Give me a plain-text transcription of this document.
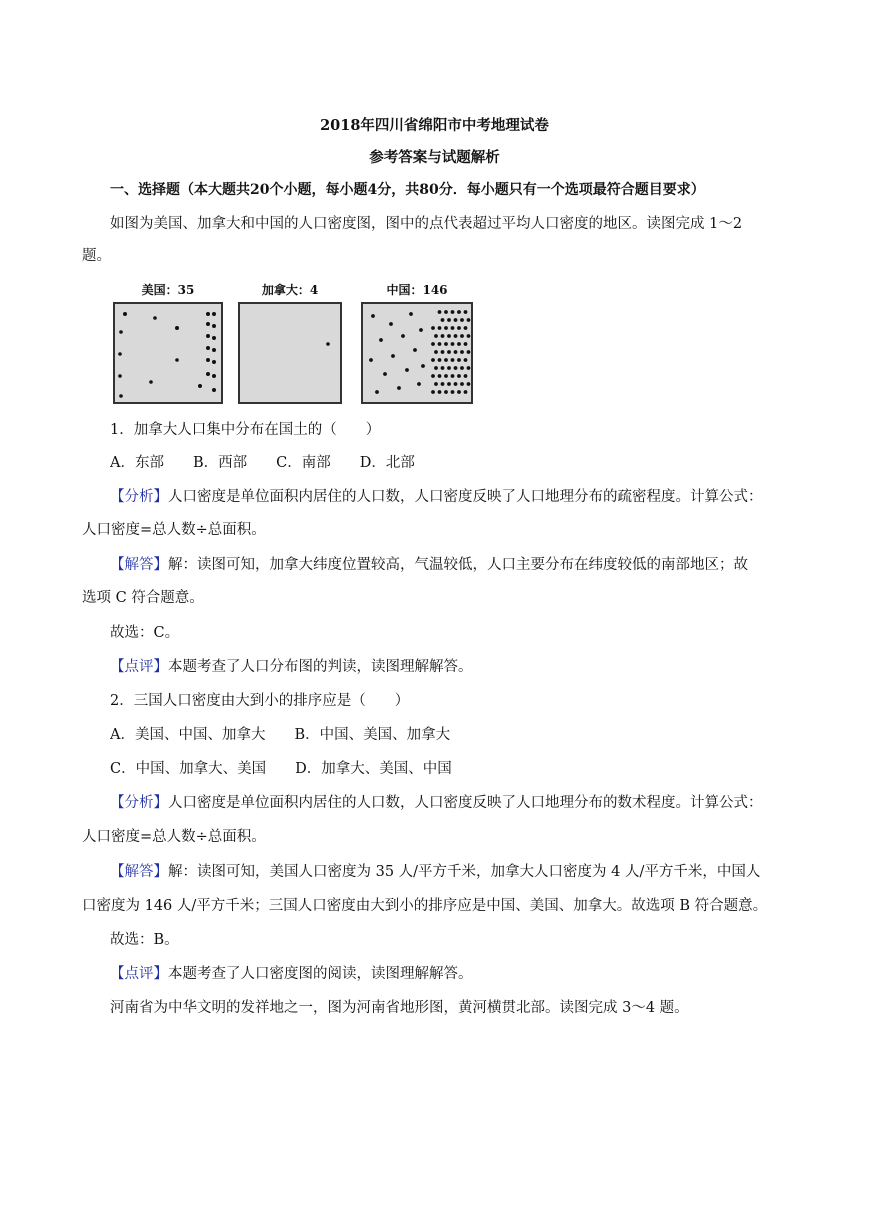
2018年四川省绵阳市中考地理试卷
参考答案与试题解析
一、选择题（本大题共20个小题，每小题4分，共80分．每小题只有一个选项最符合题目要求）
如图为美国、加拿大和中国的人口密度图，图中的点代表超过平均人口密度的地区。读图完成 1～2
题。
美国：35	加拿大：4	中国：146
1．加拿大人口集中分布在国土的（　　）
A．东部　　B．西部　　C．南部　　D．北部
【分析】人口密度是单位面积内居住的人口数，人口密度反映了人口地理分布的疏密程度。计算公式：
人口密度=总人数÷总面积。
【解答】解：读图可知，加拿大纬度位置较高，气温较低，人口主要分布在纬度较低的南部地区；故
选项 C 符合题意。
故选：C。
【点评】本题考查了人口分布图的判读，读图理解解答。
2．三国人口密度由大到小的排序应是（　　）
A．美国、中国、加拿大　　B．中国、美国、加拿大
C．中国、加拿大、美国　　D．加拿大、美国、中国
【分析】人口密度是单位面积内居住的人口数，人口密度反映了人口地理分布的数术程度。计算公式：
人口密度=总人数÷总面积。
【解答】解：读图可知，美国人口密度为 35 人/平方千米，加拿大人口密度为 4 人/平方千米，中国人
口密度为 146 人/平方千米；三国人口密度由大到小的排序应是中国、美国、加拿大。故选项 B 符合题意。
故选：B。
【点评】本题考查了人口密度图的阅读，读图理解解答。
河南省为中华文明的发祥地之一，图为河南省地形图，黄河横贯北部。读图完成 3～4 题。
